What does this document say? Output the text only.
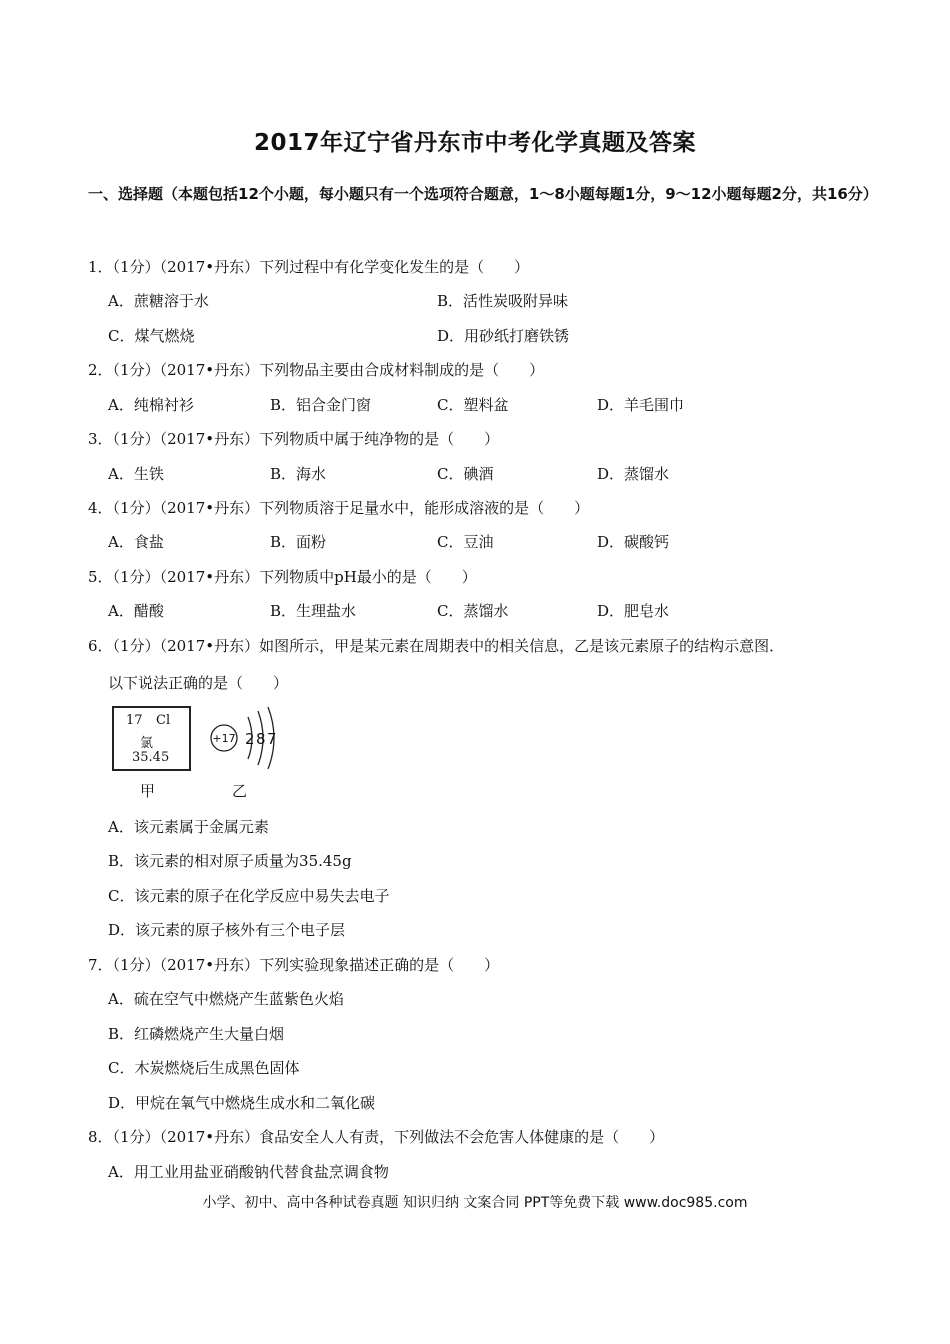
2017年辽宁省丹东市中考化学真题及答案
一、选择题（本题包括12个小题，每小题只有一个选项符合题意，1～8小题每题1分，9～12小题每题2分，共16分）
1．（1分）（2017•丹东）下列过程中有化学变化发生的是（　　）
A．蔗糖溶于水	B．活性炭吸附异味
C．煤气燃烧	D．用砂纸打磨铁锈
2．（1分）（2017•丹东）下列物品主要由合成材料制成的是（　　）
A．纯棉衬衫	B．铝合金门窗	C．塑料盆	D．羊毛围巾
3．（1分）（2017•丹东）下列物质中属于纯净物的是（　　）
A．生铁	B．海水	C．碘酒	D．蒸馏水
4．（1分）（2017•丹东）下列物质溶于足量水中，能形成溶液的是（　　）
A．食盐	B．面粉	C．豆油	D．碳酸钙
5．（1分）（2017•丹东）下列物质中pH最小的是（　　）
A．醋酸	B．生理盐水	C．蒸馏水	D．肥皂水
6．（1分）（2017•丹东）如图所示，甲是某元素在周期表中的相关信息，乙是该元素原子的结构示意图．
以下说法正确的是（　　）
17 Cl
氯
35.45
+17 2 8 7
甲	乙
A．该元素属于金属元素
B．该元素的相对原子质量为35.45g
C．该元素的原子在化学反应中易失去电子
D．该元素的原子核外有三个电子层
7．（1分）（2017•丹东）下列实验现象描述正确的是（　　）
A．硫在空气中燃烧产生蓝紫色火焰
B．红磷燃烧产生大量白烟
C．木炭燃烧后生成黑色固体
D．甲烷在氧气中燃烧生成水和二氧化碳
8．（1分）（2017•丹东）食品安全人人有责，下列做法不会危害人体健康的是（　　）
A．用工业用盐亚硝酸钠代替食盐烹调食物
小学、初中、高中各种试卷真题 知识归纳 文案合同 PPT等免费下载 www.doc985.com
